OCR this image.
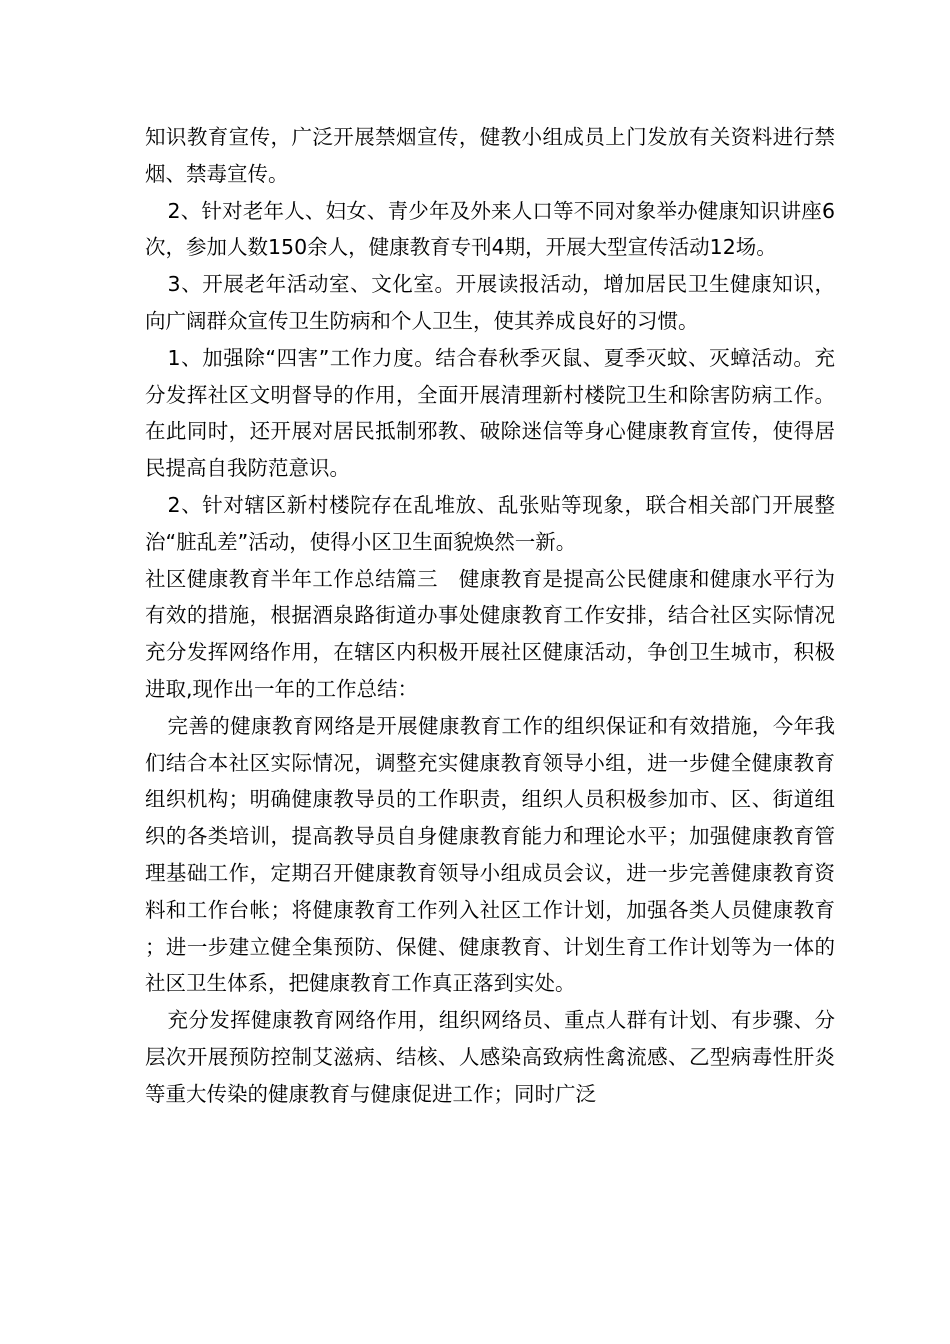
知识教育宣传，广泛开展禁烟宣传，健教小组成员上门发放有关资料进行禁烟、禁毒宣传。

2、针对老年人、妇女、青少年及外来人口等不同对象举办健康知识讲座6次，参加人数150余人，健康教育专刊4期，开展大型宣传活动12场。

3、开展老年活动室、文化室。开展读报活动，增加居民卫生健康知识，向广阔群众宣传卫生防病和个人卫生，使其养成良好的习惯。

1、加强除“四害”工作力度。结合春秋季灭鼠、夏季灭蚊、灭蟑活动。充分发挥社区文明督导的作用，全面开展清理新村楼院卫生和除害防病工作。在此同时，还开展对居民抵制邪教、破除迷信等身心健康教育宣传，使得居民提高自我防范意识。

2、针对辖区新村楼院存在乱堆放、乱张贴等现象，联合相关部门开展整治“脏乱差”活动，使得小区卫生面貌焕然一新。

社区健康教育半年工作总结篇三　健康教育是提高公民健康和健康水平行为有效的措施，根据酒泉路街道办事处健康教育工作安排，结合社区实际情况充分发挥网络作用，在辖区内积极开展社区健康活动，争创卫生城市，积极进取,现作出一年的工作总结：

完善的健康教育网络是开展健康教育工作的组织保证和有效措施，今年我们结合本社区实际情况，调整充实健康教育领导小组，进一步健全健康教育组织机构；明确健康教导员的工作职责，组织人员积极参加市、区、街道组织的各类培训，提高教导员自身健康教育能力和理论水平；加强健康教育管理基础工作，定期召开健康教育领导小组成员会议，进一步完善健康教育资料和工作台帐；将健康教育工作列入社区工作计划，加强各类人员健康教育；进一步建立健全集预防、保健、健康教育、计划生育工作计划等为一体的社区卫生体系，把健康教育工作真正落到实处。

充分发挥健康教育网络作用，组织网络员、重点人群有计划、有步骤、分层次开展预防控制艾滋病、结核、人感染高致病性禽流感、乙型病毒性肝炎等重大传染的健康教育与健康促进工作；同时广泛
